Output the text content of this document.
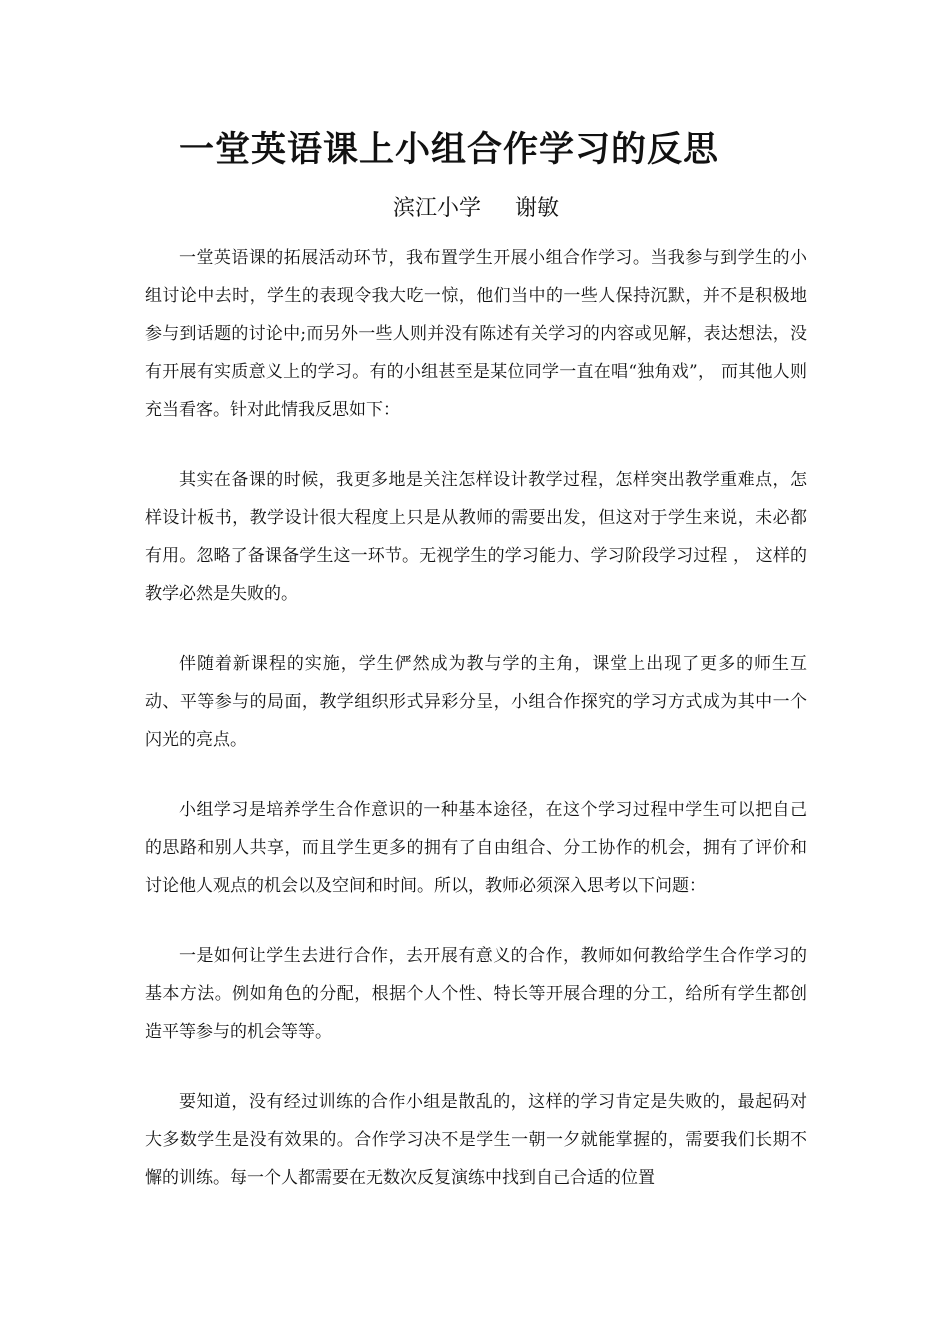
一堂英语课上小组合作学习的反思

滨江小学 谢敏

一堂英语课的拓展活动环节，我布置学生开展小组合作学习。当我参与到学生的小组讨论中去时，学生的表现令我大吃一惊，他们当中的一些人保持沉默，并不是积极地参与到话题的讨论中;而另外一些人则并没有陈述有关学习的内容或见解，表达想法，没有开展有实质意义上的学习。有的小组甚至是某位同学一直在唱“独角戏”， 而其他人则充当看客。针对此情我反思如下：

其实在备课的时候，我更多地是关注怎样设计教学过程，怎样突出教学重难点，怎样设计板书，教学设计很大程度上只是从教师的需要出发，但这对于学生来说，未必都有用。忽略了备课备学生这一环节。无视学生的学习能力、学习阶段学习过程 ， 这样的教学必然是失败的。

伴随着新课程的实施，学生俨然成为教与学的主角，课堂上出现了更多的师生互动、平等参与的局面，教学组织形式异彩分呈，小组合作探究的学习方式成为其中一个闪光的亮点。

小组学习是培养学生合作意识的一种基本途径，在这个学习过程中学生可以把自己的思路和别人共享，而且学生更多的拥有了自由组合、分工协作的机会，拥有了评价和讨论他人观点的机会以及空间和时间。所以，教师必须深入思考以下问题：

一是如何让学生去进行合作，去开展有意义的合作，教师如何教给学生合作学习的基本方法。例如角色的分配，根据个人个性、特长等开展合理的分工，给所有学生都创造平等参与的机会等等。

要知道，没有经过训练的合作小组是散乱的，这样的学习肯定是失败的，最起码对大多数学生是没有效果的。合作学习决不是学生一朝一夕就能掌握的，需要我们长期不懈的训练。每一个人都需要在无数次反复演练中找到自己合适的位置
